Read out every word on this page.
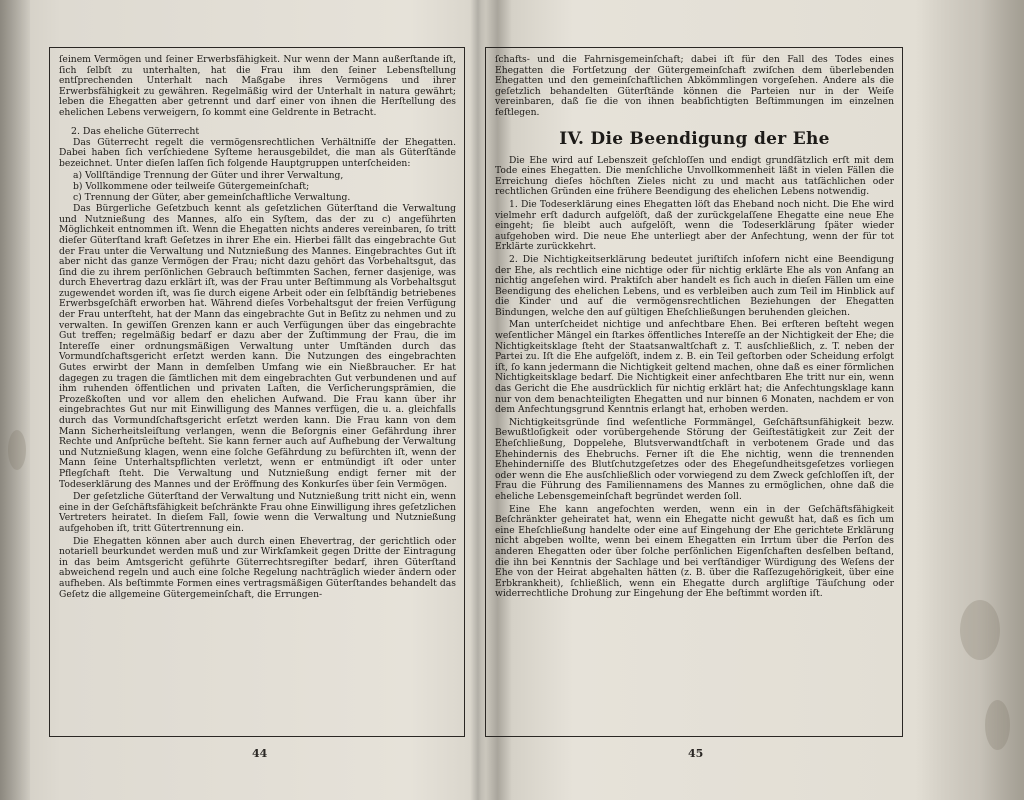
ſeinem Vermögen und ſeiner Erwerbsfähigkeit. Nur wenn der Mann außerſtande iſt, ſich ſelbſt zu unterhalten, hat die Frau ihm den ſeiner Lebensſtellung entſprechenden Unterhalt nach Maßgabe ihres Vermögens und ihrer Erwerbsfähigkeit zu gewähren. Regelmäßig wird der Unterhalt in natura gewährt; leben die Ehegatten aber getrennt und darf einer von ihnen die Herſtellung des ehelichen Lebens verweigern, ſo kommt eine Geldrente in Betracht.

2. Das eheliche Güterrecht

Das Güterrecht regelt die vermögensrechtlichen Verhältniſſe der Ehegatten. Dabei haben ſich verſchiedene Syſteme herausgebildet, die man als Güterſtände bezeichnet. Unter dieſen laſſen ſich folgende Hauptgruppen unterſcheiden:

a) Vollſtändige Trennung der Güter und ihrer Verwaltung,
b) Vollkommene oder teilweiſe Gütergemeinſchaft;
c) Trennung der Güter, aber gemeinſchaftliche Verwaltung.

Das Bürgerliche Geſetzbuch kennt als geſetzlichen Güterſtand die Verwaltung und Nutznießung des Mannes, alſo ein Syſtem, das der zu c) angeführten Möglichkeit entnommen iſt. Wenn die Ehegatten nichts anderes vereinbaren, ſo tritt dieſer Güterſtand kraft Geſetzes in ihrer Ehe ein. Hierbei fällt das eingebrachte Gut der Frau unter die Verwaltung und Nutznießung des Mannes. Eingebrachtes Gut iſt aber nicht das ganze Vermögen der Frau; nicht dazu gehört das Vorbehaltsgut, das ſind die zu ihrem perſönlichen Gebrauch beſtimmten Sachen, ferner dasjenige, was durch Ehevertrag dazu erklärt iſt, was der Frau unter Beſtimmung als Vorbehaltsgut zugewendet worden iſt, was ſie durch eigene Arbeit oder ein ſelbſtändig betriebenes Erwerbsgeſchäft erworben hat. Während dieſes Vorbehaltsgut der freien Verfügung der Frau unterſteht, hat der Mann das eingebrachte Gut in Beſitz zu nehmen und zu verwalten. In gewiſſen Grenzen kann er auch Verfügungen über das eingebrachte Gut treffen; regelmäßig bedarf er dazu aber der Zuſtimmung der Frau, die im Intereſſe einer ordnungsmäßigen Verwaltung unter Umſtänden durch das Vormundſchaftsgericht erſetzt werden kann. Die Nutzungen des eingebrachten Gutes erwirbt der Mann in demſelben Umfang wie ein Nießbraucher. Er hat dagegen zu tragen die ſämtlichen mit dem eingebrachten Gut verbundenen und auf ihm ruhenden öffentlichen und privaten Laſten, die Verſicherungsprämien, die Prozeßkoſten und vor allem den ehelichen Aufwand. Die Frau kann über ihr eingebrachtes Gut nur mit Einwilligung des Mannes verfügen, die u. a. gleichfalls durch das Vormundſchaftsgericht erſetzt werden kann. Die Frau kann von dem Mann Sicherheitsleiſtung verlangen, wenn die Beſorgnis einer Gefährdung ihrer Rechte und Anſprüche beſteht. Sie kann ferner auch auf Aufhebung der Verwaltung und Nutznießung klagen, wenn eine ſolche Gefährdung zu befürchten iſt, wenn der Mann ſeine Unterhaltspflichten verletzt, wenn er entmündigt iſt oder unter Pflegſchaft ſteht. Die Verwaltung und Nutznießung endigt ferner mit der Todeserklärung des Mannes und der Eröffnung des Konkurſes über ſein Vermögen.

Der geſetzliche Güterſtand der Verwaltung und Nutznießung tritt nicht ein, wenn eine in der Geſchäftsfähigkeit beſchränkte Frau ohne Einwilligung ihres geſetzlichen Vertreters heiratet. In dieſem Fall, ſowie wenn die Verwaltung und Nutznießung aufgehoben iſt, tritt Gütertrennung ein.

Die Ehegatten können aber auch durch einen Ehevertrag, der gerichtlich oder notariell beurkundet werden muß und zur Wirkſamkeit gegen Dritte der Eintragung in das beim Amtsgericht geführte Güterrechtsregiſter bedarf, ihren Güterſtand abweichend regeln und auch eine ſolche Regelung nachträglich wieder ändern oder aufheben. Als beſtimmte Formen eines vertragsmäßigen Güterſtandes behandelt das Geſetz die allgemeine Gütergemeinſchaft, die Errungen-

44

ſchafts- und die Fahrnisgemeinſchaft; dabei iſt für den Fall des Todes eines Ehegatten die Fortſetzung der Gütergemeinſchaft zwiſchen dem überlebenden Ehegatten und den gemeinſchaftlichen Abkömmlingen vorgeſehen. Andere als die geſetzlich behandelten Güterſtände können die Parteien nur in der Weiſe vereinbaren, daß ſie die von ihnen beabſichtigten Beſtimmungen im einzelnen feſtlegen.

IV. Die Beendigung der Ehe

Die Ehe wird auf Lebenszeit geſchloſſen und endigt grundſätzlich erſt mit dem Tode eines Ehegatten. Die menſchliche Unvollkommenheit läßt in vielen Fällen die Erreichung dieſes höchſten Zieles nicht zu und macht aus tatſächlichen oder rechtlichen Gründen eine frühere Beendigung des ehelichen Lebens notwendig.

1. Die Todeserklärung eines Ehegatten löſt das Eheband noch nicht. Die Ehe wird vielmehr erſt dadurch aufgelöſt, daß der zurückgelaſſene Ehegatte eine neue Ehe eingeht; ſie bleibt auch aufgelöſt, wenn die Todeserklärung ſpäter wieder aufgehoben wird. Die neue Ehe unterliegt aber der Anfechtung, wenn der für tot Erklärte zurückkehrt.

2. Die Nichtigkeitserklärung bedeutet juriſtiſch inſofern nicht eine Beendigung der Ehe, als rechtlich eine nichtige oder für nichtig erklärte Ehe als von Anfang an nichtig angeſehen wird. Praktiſch aber handelt es ſich auch in dieſen Fällen um eine Beendigung des ehelichen Lebens, und es verbleiben auch zum Teil im Hinblick auf die Kinder und auf die vermögensrechtlichen Beziehungen der Ehegatten Bindungen, welche den auf gültigen Eheſchließungen beruhenden gleichen.

Man unterſcheidet nichtige und anfechtbare Ehen. Bei erſteren beſteht wegen weſentlicher Mängel ein ſtarkes öffentliches Intereſſe an der Nichtigkeit der Ehe; die Nichtigkeitsklage ſteht der Staatsanwaltſchaft z. T. ausſchließlich, z. T. neben der Partei zu. Iſt die Ehe aufgelöſt, indem z. B. ein Teil geſtorben oder Scheidung erfolgt iſt, ſo kann jedermann die Nichtigkeit geltend machen, ohne daß es einer förmlichen Nichtigkeitsklage bedarf. Die Nichtigkeit einer anfechtbaren Ehe tritt nur ein, wenn das Gericht die Ehe ausdrücklich für nichtig erklärt hat; die Anfechtungsklage kann nur von dem benachteiligten Ehegatten und nur binnen 6 Monaten, nachdem er von dem Anfechtungsgrund Kenntnis erlangt hat, erhoben werden.

Nichtigkeitsgründe ſind weſentliche Formmängel, Geſchäftsunfähigkeit bezw. Bewußtloſigkeit oder vorübergehende Störung der Geiſtestätigkeit zur Zeit der Eheſchließung, Doppelehe, Blutsverwandtſchaft in verbotenem Grade und das Ehehindernis des Ehebruchs. Ferner iſt die Ehe nichtig, wenn die trennenden Ehehinderniſſe des Blutſchutzgeſetzes oder des Ehegeſundheitsgeſetzes vorliegen oder wenn die Ehe ausſchließlich oder vorwiegend zu dem Zweck geſchloſſen iſt, der Frau die Führung des Familiennamens des Mannes zu ermöglichen, ohne daß die eheliche Lebensgemeinſchaft begründet werden ſoll.

Eine Ehe kann angefochten werden, wenn ein in der Geſchäftsfähigkeit Beſchränkter geheiratet hat, wenn ein Ehegatte nicht gewußt hat, daß es ſich um eine Eheſchließung handelte oder eine auf Eingehung der Ehe gerichtete Erklärung nicht abgeben wollte, wenn bei einem Ehegatten ein Irrtum über die Perſon des anderen Ehegatten oder über ſolche perſönlichen Eigenſchaften desſelben beſtand, die ihn bei Kenntnis der Sachlage und bei verſtändiger Würdigung des Weſens der Ehe von der Heirat abgehalten hätten (z. B. über die Raſſezugehörigkeit, über eine Erbkrankheit), ſchließlich, wenn ein Ehegatte durch argliſtige Täuſchung oder widerrechtliche Drohung zur Eingehung der Ehe beſtimmt worden iſt.

45
